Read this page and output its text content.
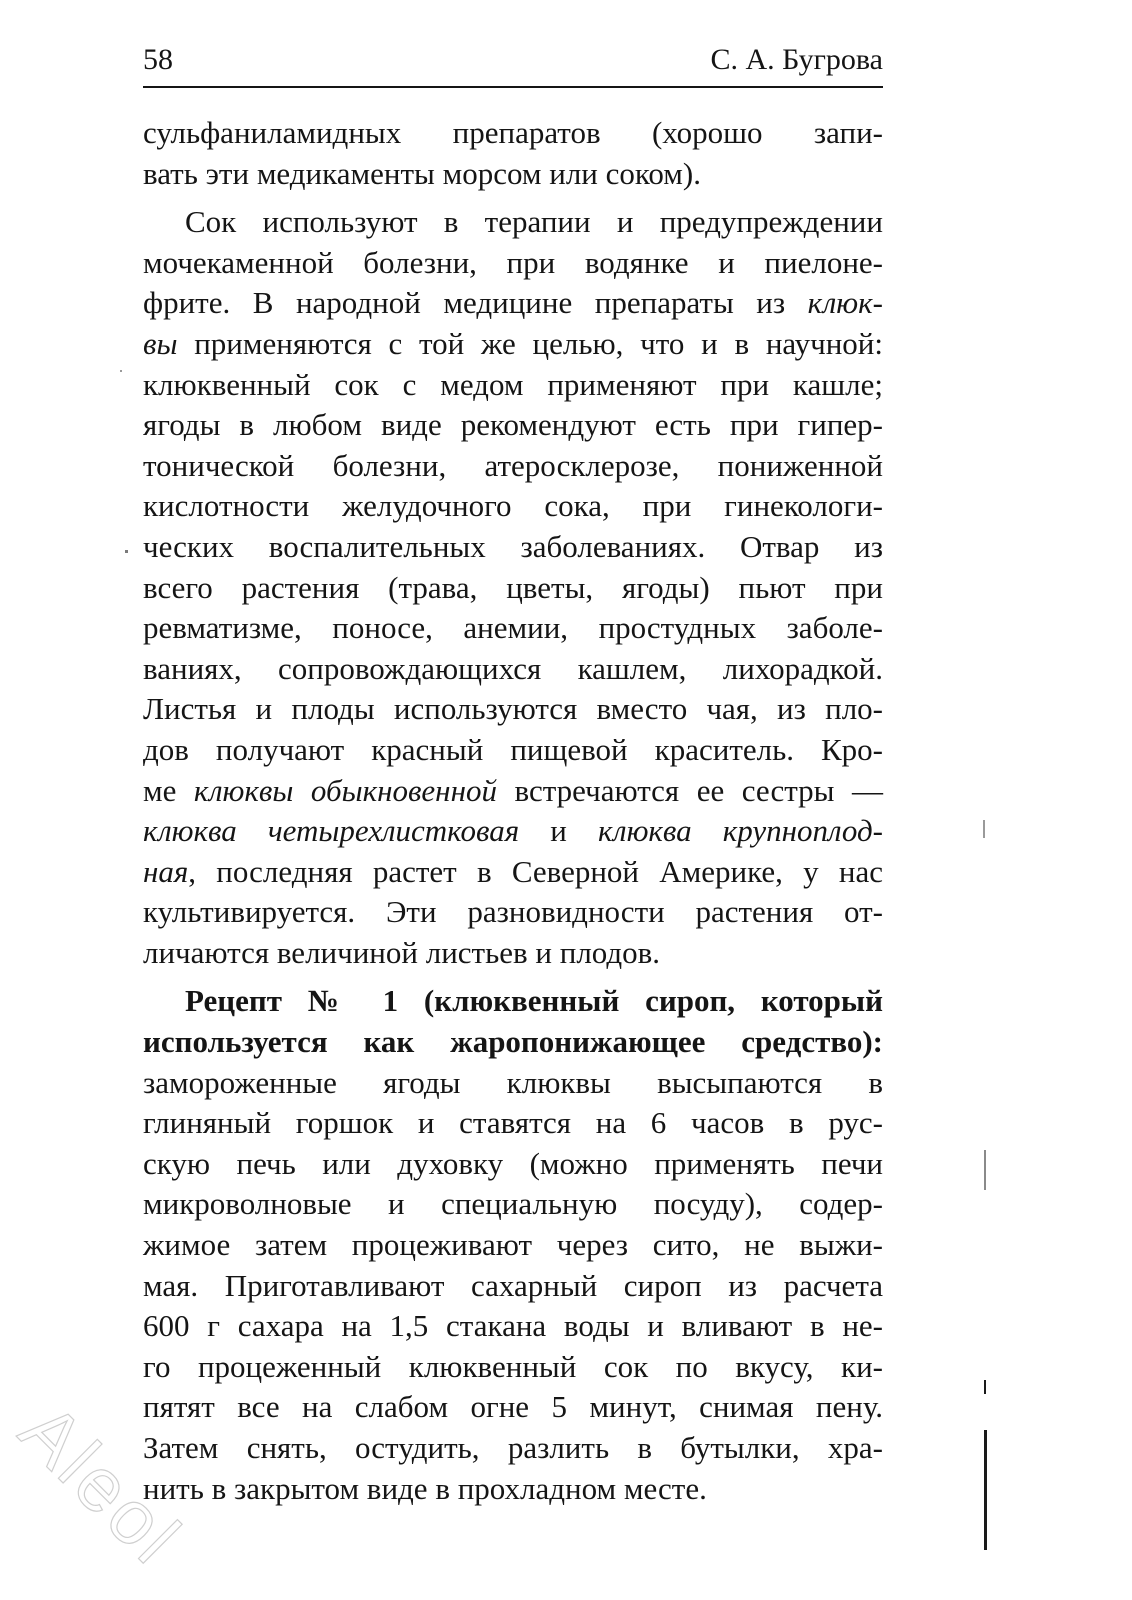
58	С. А. Бугрова
сульфаниламидных препаратов (хорошо запи-
вать эти медикаменты морсом или соком).
Сок используют в терапии и предупреждении
мочекаменной болезни, при водянке и пиелоне-
фрите. В народной медицине препараты из клюк-
вы применяются с той же целью, что и в научной:
клюквенный сок с медом применяют при кашле;
ягоды в любом виде рекомендуют есть при гипер-
тонической болезни, атеросклерозе, пониженной
кислотности желудочного сока, при гинекологи-
ческих воспалительных заболеваниях. Отвар из
всего растения (трава, цветы, ягоды) пьют при
ревматизме, поносе, анемии, простудных заболе-
ваниях, сопровождающихся кашлем, лихорадкой.
Листья и плоды используются вместо чая, из пло-
дов получают красный пищевой краситель. Кро-
ме клюквы обыкновенной встречаются ее сестры —
клюква четырехлистковая и клюква крупноплод-
ная, последняя растет в Северной Америке, у нас
культивируется. Эти разновидности растения от-
личаются величиной листьев и плодов.
Рецепт № 1 (клюквенный сироп, который
используется как жаропонижающее средство):
замороженные ягоды клюквы высыпаются в
глиняный горшок и ставятся на 6 часов в рус-
скую печь или духовку (можно применять печи
микроволновые и специальную посуду), содер-
жимое затем процеживают через сито, не выжи-
мая. Приготавливают сахарный сироп из расчета
600 г сахара на 1,5 стакана воды и вливают в не-
го процеженный клюквенный сок по вкусу, ки-
пятят все на слабом огне 5 минут, снимая пену.
Затем снять, остудить, разлить в бутылки, хра-
нить в закрытом виде в прохладном месте.
Aleol
